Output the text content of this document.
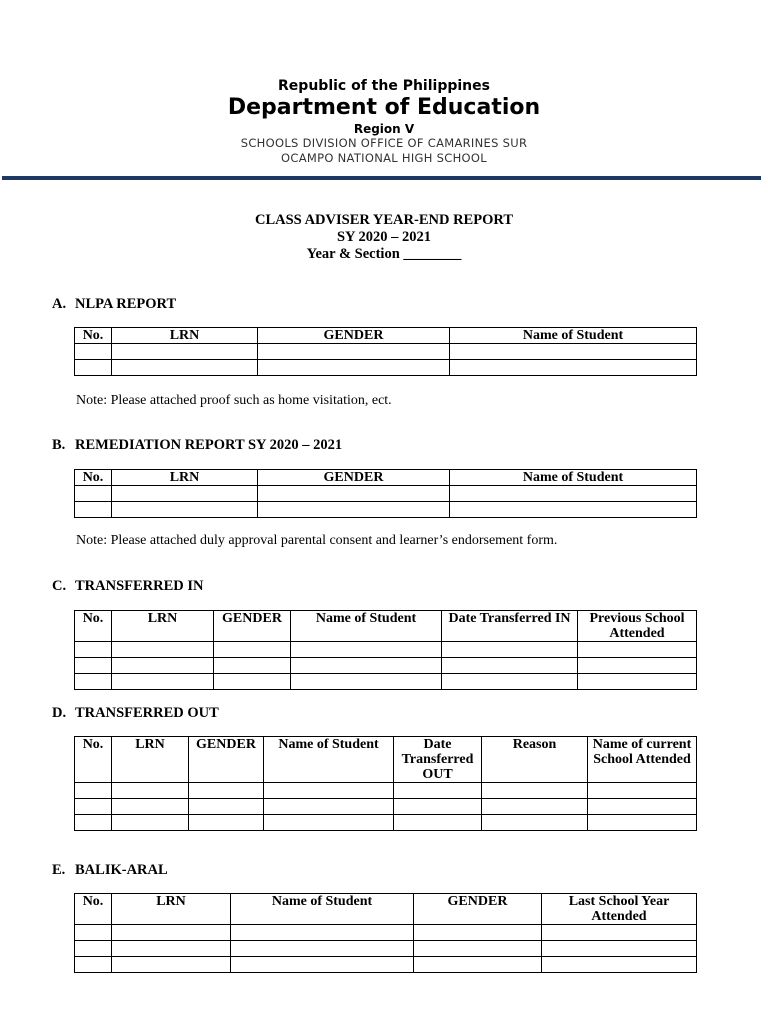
Republic of the Philippines
Department of Education
Region V
SCHOOLS DIVISION OFFICE OF CAMARINES SUR
OCAMPO NATIONAL HIGH SCHOOL
CLASS ADVISER YEAR-END REPORT
SY 2020 – 2021
Year & Section ________
A. NLPA REPORT
No.	LRN	GENDER	Name of Student

Note: Please attached proof such as home visitation, ect.
B. REMEDIATION REPORT SY 2020 – 2021
No.	LRN	GENDER	Name of Student

Note: Please attached duly approval parental consent and learner’s endorsement form.
C. TRANSFERRED IN
No.	LRN	GENDER	Name of Student	Date Transferred IN	Previous School Attended

D. TRANSFERRED OUT
No.	LRN	GENDER	Name of Student	Date Transferred OUT	Reason	Name of current School Attended

E. BALIK-ARAL
No.	LRN	Name of Student	GENDER	Last School Year Attended
